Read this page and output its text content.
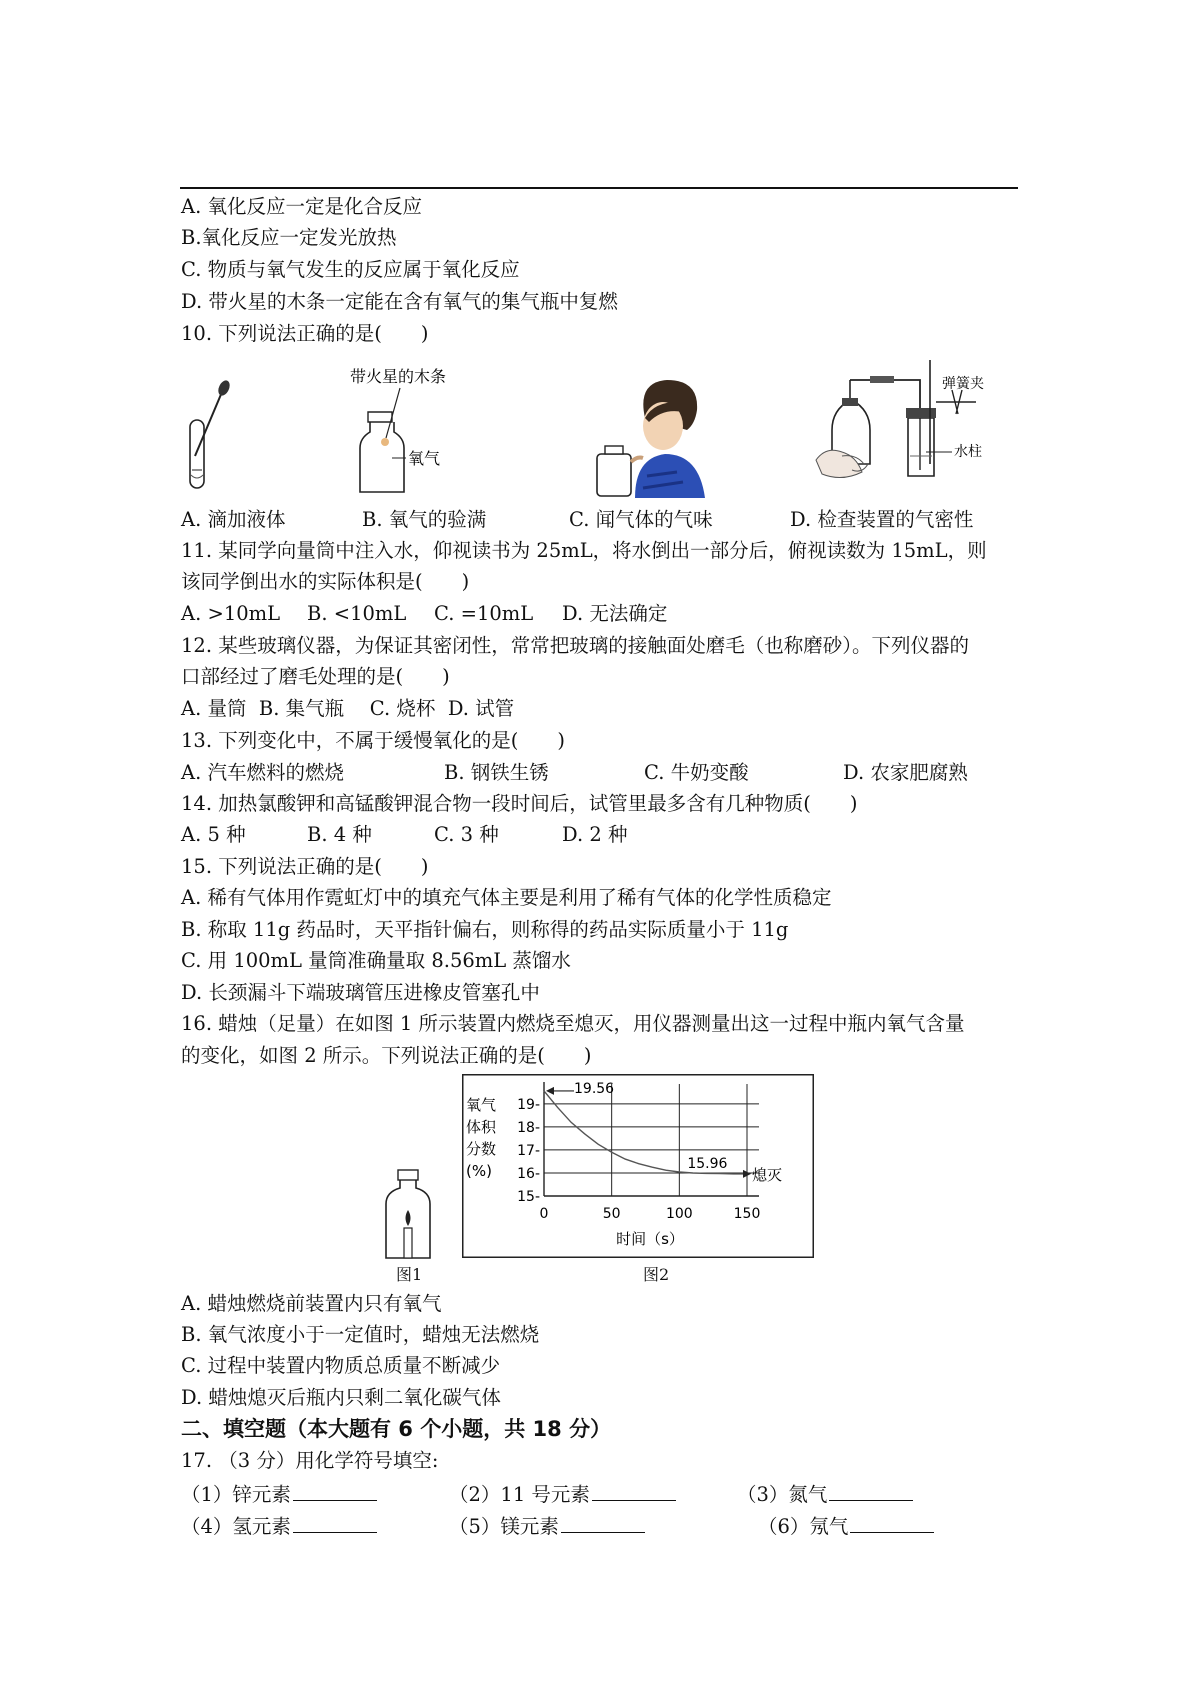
A. 氧化反应一定是化合反应
B.氧化反应一定发光放热
C. 物质与氧气发生的反应属于氧化反应
D. 带火星的木条一定能在含有氧气的集气瓶中复燃
10. 下列说法正确的是(　　)
带火星的木条
氧气
弹簧夹
水柱
A. 滴加液体	B. 氧气的验满	C. 闻气体的气味	D. 检查装置的气密性
11. 某同学向量筒中注入水，仰视读书为 25mL，将水倒出一部分后，俯视读数为 15mL，则
该同学倒出水的实际体积是(　　)
A. >10mL B. <10mL C. =10mL D. 无法确定
12. 某些玻璃仪器，为保证其密闭性，常常把玻璃的接触面处磨毛（也称磨砂）。下列仪器的
口部经过了磨毛处理的是(　　)
A. 量筒  B. 集气瓶　 C. 烧杯  D. 试管
13. 下列变化中，不属于缓慢氧化的是(　　)
A. 汽车燃料的燃烧	B. 钢铁生锈	C. 牛奶变酸	D. 农家肥腐熟
14. 加热氯酸钾和高锰酸钾混合物一段时间后，试管里最多含有几种物质(　　)
A. 5 种	B. 4 种	C. 3 种	D. 2 种
15. 下列说法正确的是(　　)
A. 稀有气体用作霓虹灯中的填充气体主要是利用了稀有气体的化学性质稳定
B. 称取 11g 药品时，天平指针偏右，则称得的药品实际质量小于 11g
C. 用 100mL 量筒准确量取 8.56mL 蒸馏水
D. 长颈漏斗下端玻璃管压进橡皮管塞孔中
16. 蜡烛（足量）在如图 1 所示装置内燃烧至熄灭，用仪器测量出这一过程中瓶内氧气含量
的变化，如图 2 所示。下列说法正确的是(　　)
图1
氧气
体积
分数
(%)
15-
16-
17-
18-
19-
0	50	100	150
19.56
15.96
熄灭
时间（s）
图2
A. 蜡烛燃烧前装置内只有氧气
B. 氧气浓度小于一定值时，蜡烛无法燃烧
C. 过程中装置内物质总质量不断减少
D. 蜡烛熄灭后瓶内只剩二氧化碳气体
二、填空题（本大题有 6 个小题，共 18 分）
17. （3 分）用化学符号填空:
（1）锌元素	（2）11 号元素	（3）氮气
（4）氢元素	（5）镁元素	（6）氖气
